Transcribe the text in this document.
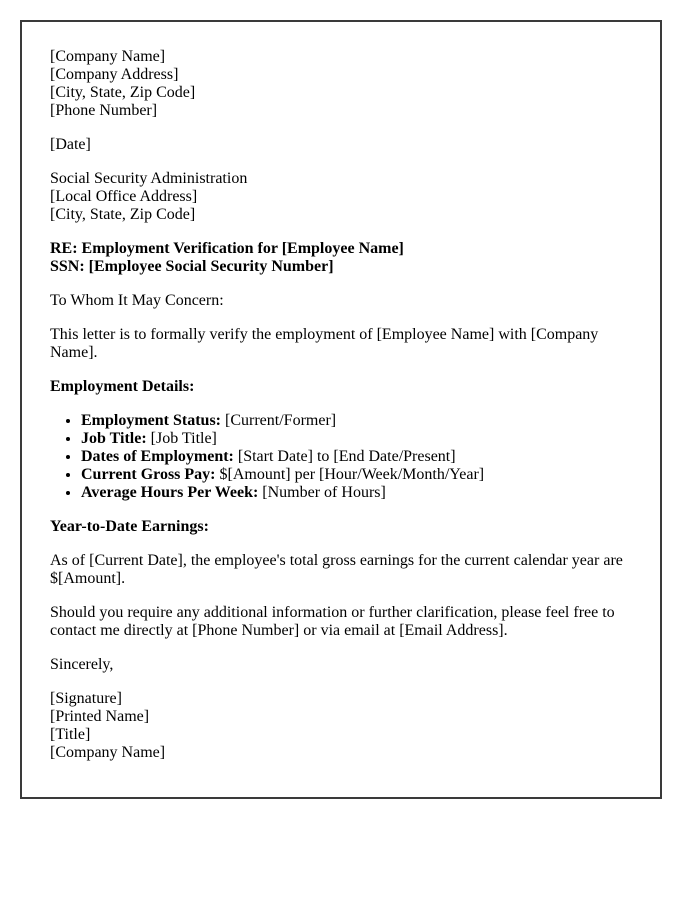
[Company Name]
[Company Address]
[City, State, Zip Code]
[Phone Number]

[Date]

Social Security Administration
[Local Office Address]
[City, State, Zip Code]

RE: Employment Verification for [Employee Name]
SSN: [Employee Social Security Number]

To Whom It May Concern:

This letter is to formally verify the employment of [Employee Name] with [Company Name].

Employment Details:

• Employment Status: [Current/Former]
• Job Title: [Job Title]
• Dates of Employment: [Start Date] to [End Date/Present]
• Current Gross Pay: $[Amount] per [Hour/Week/Month/Year]
• Average Hours Per Week: [Number of Hours]

Year-to-Date Earnings:

As of [Current Date], the employee's total gross earnings for the current calendar year are $[Amount].

Should you require any additional information or further clarification, please feel free to contact me directly at [Phone Number] or via email at [Email Address].

Sincerely,

[Signature]
[Printed Name]
[Title]
[Company Name]
